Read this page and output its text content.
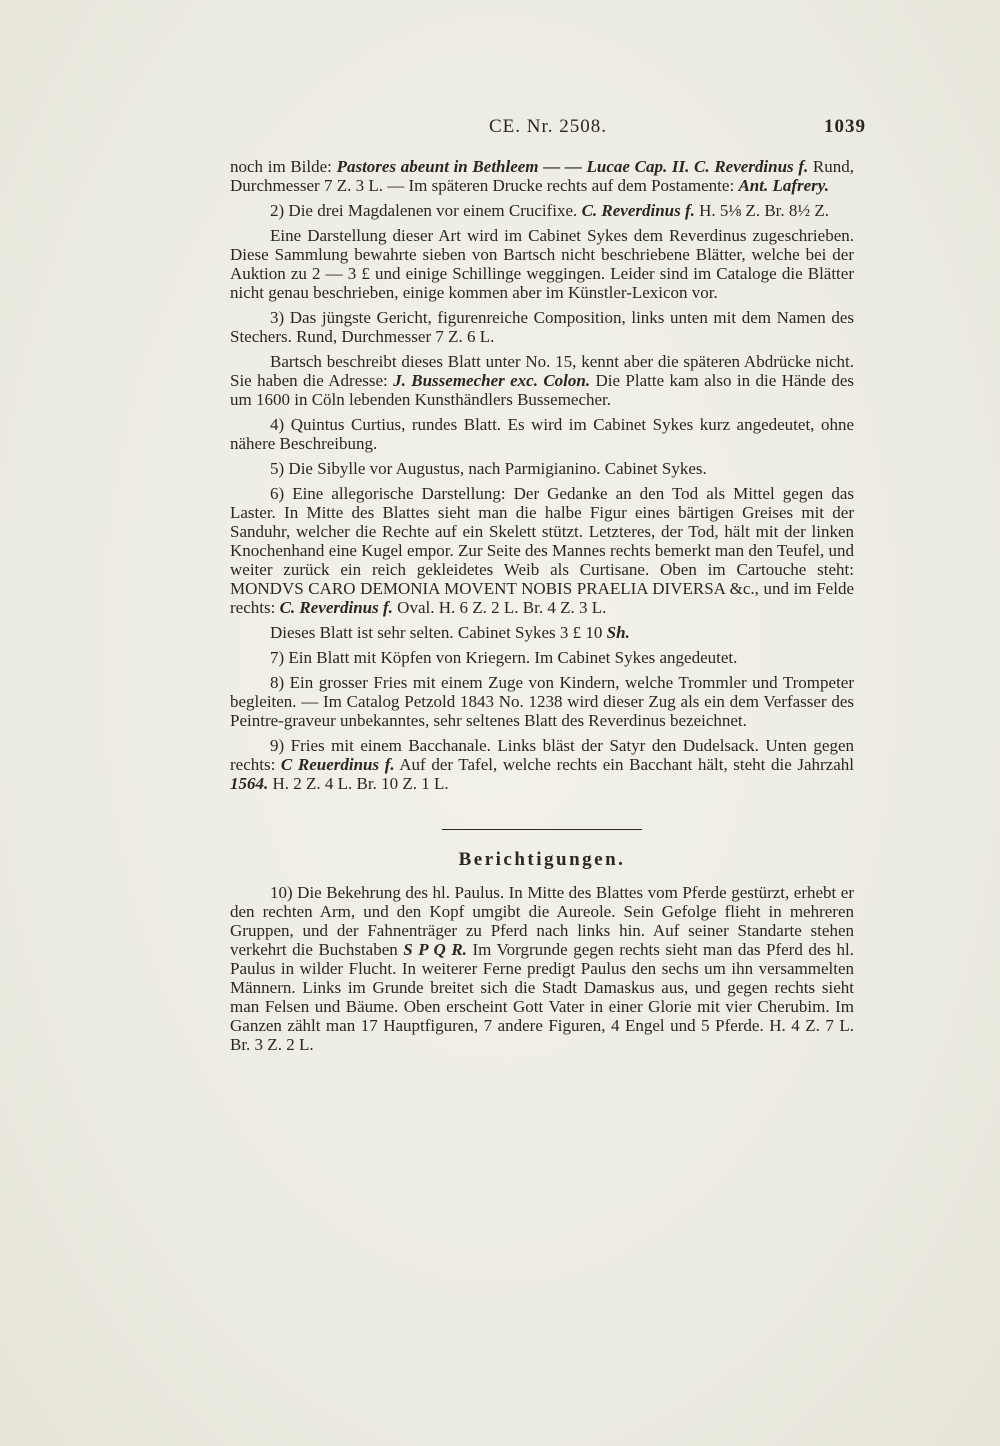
CE. Nr. 2508.	1039

noch im Bilde: Pastores abeunt in Bethleem — — Lucae Cap. II. C. Reverdinus f. Rund, Durchmesser 7 Z. 3 L. — Im späteren Drucke rechts auf dem Postamente: Ant. Lafrery.

2) Die drei Magdalenen vor einem Crucifixe. C. Reverdinus f. H. 5⅛ Z. Br. 8½ Z.

Eine Darstellung dieser Art wird im Cabinet Sykes dem Reverdinus zugeschrieben. Diese Sammlung bewahrte sieben von Bartsch nicht beschriebene Blätter, welche bei der Auktion zu 2 — 3 £ und einige Schillinge weggingen. Leider sind im Cataloge die Blätter nicht genau beschrieben, einige kommen aber im Künstler-Lexicon vor.

3) Das jüngste Gericht, figurenreiche Composition, links unten mit dem Namen des Stechers. Rund, Durchmesser 7 Z. 6 L.

Bartsch beschreibt dieses Blatt unter No. 15, kennt aber die späteren Abdrücke nicht. Sie haben die Adresse: J. Bussemecher exc. Colon. Die Platte kam also in die Hände des um 1600 in Cöln lebenden Kunsthändlers Bussemecher.

4) Quintus Curtius, rundes Blatt. Es wird im Cabinet Sykes kurz angedeutet, ohne nähere Beschreibung.

5) Die Sibylle vor Augustus, nach Parmigianino. Cabinet Sykes.

6) Eine allegorische Darstellung: Der Gedanke an den Tod als Mittel gegen das Laster. In Mitte des Blattes sieht man die halbe Figur eines bärtigen Greises mit der Sanduhr, welcher die Rechte auf ein Skelett stützt. Letzteres, der Tod, hält mit der linken Knochenhand eine Kugel empor. Zur Seite des Mannes rechts bemerkt man den Teufel, und weiter zurück ein reich gekleidetes Weib als Curtisane. Oben im Cartouche steht: MONDVS CARO DEMONIA MOVENT NOBIS PRAELIA DIVERSA &c., und im Felde rechts: C. Reverdinus f. Oval. H. 6 Z. 2 L. Br. 4 Z. 3 L.

Dieses Blatt ist sehr selten. Cabinet Sykes 3 £ 10 Sh.

7) Ein Blatt mit Köpfen von Kriegern. Im Cabinet Sykes angedeutet.

8) Ein grosser Fries mit einem Zuge von Kindern, welche Trommler und Trompeter begleiten. — Im Catalog Petzold 1843 No. 1238 wird dieser Zug als ein dem Verfasser des Peintre-graveur unbekanntes, sehr seltenes Blatt des Reverdinus bezeichnet.

9) Fries mit einem Bacchanale. Links bläst der Satyr den Dudelsack. Unten gegen rechts: C Reuerdinus f. Auf der Tafel, welche rechts ein Bacchant hält, steht die Jahrzahl 1564. H. 2 Z. 4 L. Br. 10 Z. 1 L.

Berichtigungen.

10) Die Bekehrung des hl. Paulus. In Mitte des Blattes vom Pferde gestürzt, erhebt er den rechten Arm, und den Kopf umgibt die Aureole. Sein Gefolge flieht in mehreren Gruppen, und der Fahnenträger zu Pferd nach links hin. Auf seiner Standarte stehen verkehrt die Buchstaben S P Q R. Im Vorgrunde gegen rechts sieht man das Pferd des hl. Paulus in wilder Flucht. In weiterer Ferne predigt Paulus den sechs um ihn versammelten Männern. Links im Grunde breitet sich die Stadt Damaskus aus, und gegen rechts sieht man Felsen und Bäume. Oben erscheint Gott Vater in einer Glorie mit vier Cherubim. Im Ganzen zählt man 17 Hauptfiguren, 7 andere Figuren, 4 Engel und 5 Pferde. H. 4 Z. 7 L. Br. 3 Z. 2 L.
